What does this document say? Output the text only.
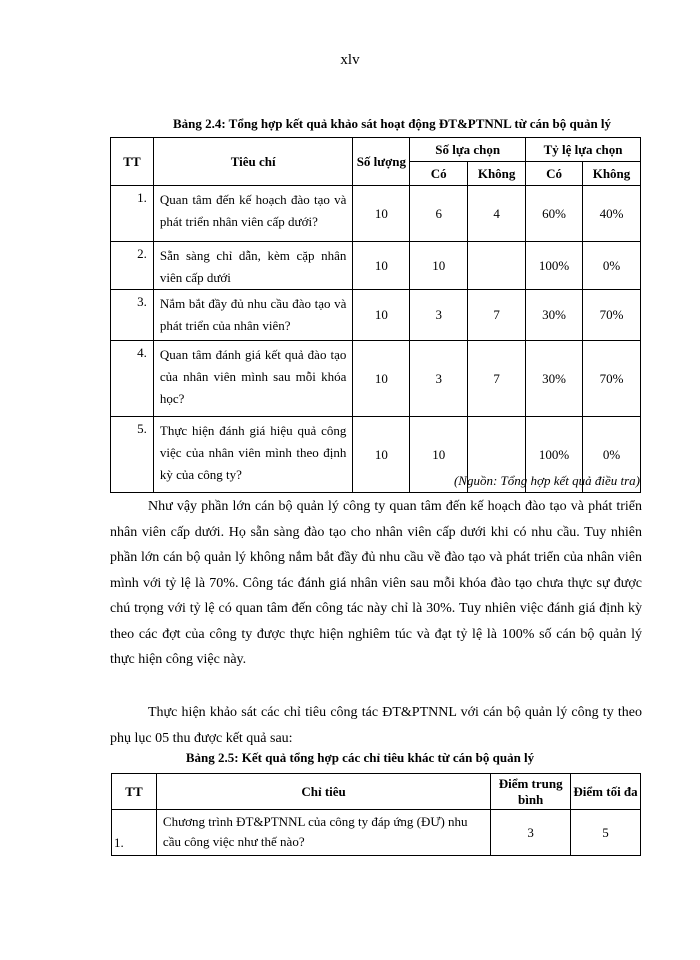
xlv
Bảng 2.4: Tổng hợp kết quả khảo sát hoạt động ĐT&PTNNL từ cán bộ quản lý
TT	Tiêu chí	Số lượng	Số lựa chọn		Tỷ lệ lựa chọn	
			Có	Không	Có	Không
1.	Quan tâm đến kế hoạch đào tạo và phát triển nhân viên cấp dưới?	10	6	4	60%	40%
2.	Sẵn sàng chỉ dẫn, kèm cặp nhân viên cấp dưới	10	10		100%	0%
3.	Nắm bắt đầy đủ nhu cầu đào tạo và phát triển của nhân viên?	10	3	7	30%	70%
4.	Quan tâm đánh giá kết quả đào tạo của nhân viên mình sau mỗi khóa học?	10	3	7	30%	70%
5.	Thực hiện đánh giá hiệu quả công việc của nhân viên mình theo định kỳ của công ty?	10	10		100%	0%
(Nguồn: Tổng hợp kết quả điều tra)

Như vậy phần lớn cán bộ quản lý công ty quan tâm đến kế hoạch đào tạo và phát triển nhân viên cấp dưới. Họ sẵn sàng đào tạo cho nhân viên cấp dưới khi có nhu cầu. Tuy nhiên phần lớn cán bộ quản lý không nắm bắt đầy đủ nhu cầu về đào tạo và phát triển của nhân viên mình với tỷ lệ là 70%. Công tác đánh giá nhân viên sau mỗi khóa đào tạo chưa thực sự được chú trọng với tỷ lệ có quan tâm đến công tác này chỉ là 30%. Tuy nhiên việc đánh giá định kỳ theo các đợt của công ty được thực hiện nghiêm túc và đạt tỷ lệ là 100% số cán bộ quản lý thực hiện công việc này.

Thực hiện khảo sát các chỉ tiêu công tác ĐT&PTNNL với cán bộ quản lý công ty theo phụ lục 05 thu được kết quả sau:

Bảng 2.5: Kết quả tổng hợp các chỉ tiêu khác từ cán bộ quản lý
TT	Chỉ tiêu	Điểm trung bình	Điểm tối đa
1.	Chương trình ĐT&PTNNL của công ty đáp ứng (ĐƯ) nhu cầu công việc như thế nào?	3	5
